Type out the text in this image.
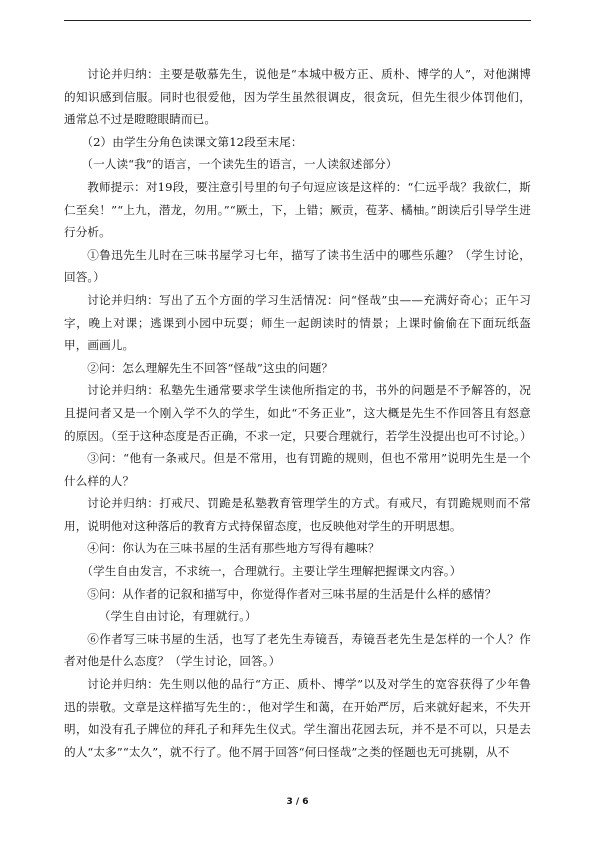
讨论并归纳：主要是敬慕先生，说他是“本城中极方正、质朴、博学的人”，对他渊博的知识感到信服。同时也很爱他，因为学生虽然很调皮，很贪玩，但先生很少体罚他们，通常总不过是瞪瞪眼睛而已。

（2）由学生分角色读课文第12段至末尾：

（一人读“我”的语言，一个读先生的语言，一人读叙述部分）

教师提示：对19段，要注意引号里的句子句逗应该是这样的：“仁远乎哉？我欲仁，斯仁至矣！”“上九，潜龙，勿用。”“厥土，下，上错；厥贡，苞茅、橘柚。”朗读后引导学生进行分析。

①鲁迅先生儿时在三味书屋学习七年，描写了读书生活中的哪些乐趣？（学生讨论，回答。）

讨论并归纳：写出了五个方面的学习生活情况：问“怪哉”虫——充满好奇心；正午习字，晚上对课；逃课到小园中玩耍；师生一起朗读时的情景；上课时偷偷在下面玩纸盔甲，画画儿。

②问：怎么理解先生不回答“怪哉”这虫的问题？

讨论并归纳：私塾先生通常要求学生读他所指定的书，书外的问题是不予解答的，况且提问者又是一个刚入学不久的学生，如此“不务正业”，这大概是先生不作回答且有怒意的原因。（至于这种态度是否正确，不求一定，只要合理就行，若学生没提出也可不讨论。）

③问：“他有一条戒尺。但是不常用，也有罚跪的规则，但也不常用”说明先生是一个什么样的人？

讨论并归纳：打戒尺、罚跪是私塾教育管理学生的方式。有戒尺，有罚跪规则而不常用，说明他对这种落后的教育方式持保留态度，也反映他对学生的开明思想。

④问：你认为在三味书屋的生活有那些地方写得有趣味？

（学生自由发言，不求统一，合理就行。主要让学生理解把握课文内容。）

⑤问：从作者的记叙和描写中，你觉得作者对三味书屋的生活是什么样的感情？

（学生自由讨论，有理就行。）

⑥作者写三味书屋的生活，也写了老先生寿镜吾，寿镜吾老先生是怎样的一个人？作者对他是什么态度？（学生讨论，回答。）

讨论并归纳：先生则以他的品行“方正、质朴、博学”以及对学生的宽容获得了少年鲁迅的崇敬。文章是这样描写先生的：，他对学生和蔼，在开始严厉，后来就好起来，不失开明，如没有孔子牌位的拜孔子和拜先生仪式。学生溜出花园去玩，并不是不可以，只是去的人“太多”“太久”，就不行了。他不屑于回答“何曰怪哉”之类的怪题也无可挑剔，从不

3 / 6
